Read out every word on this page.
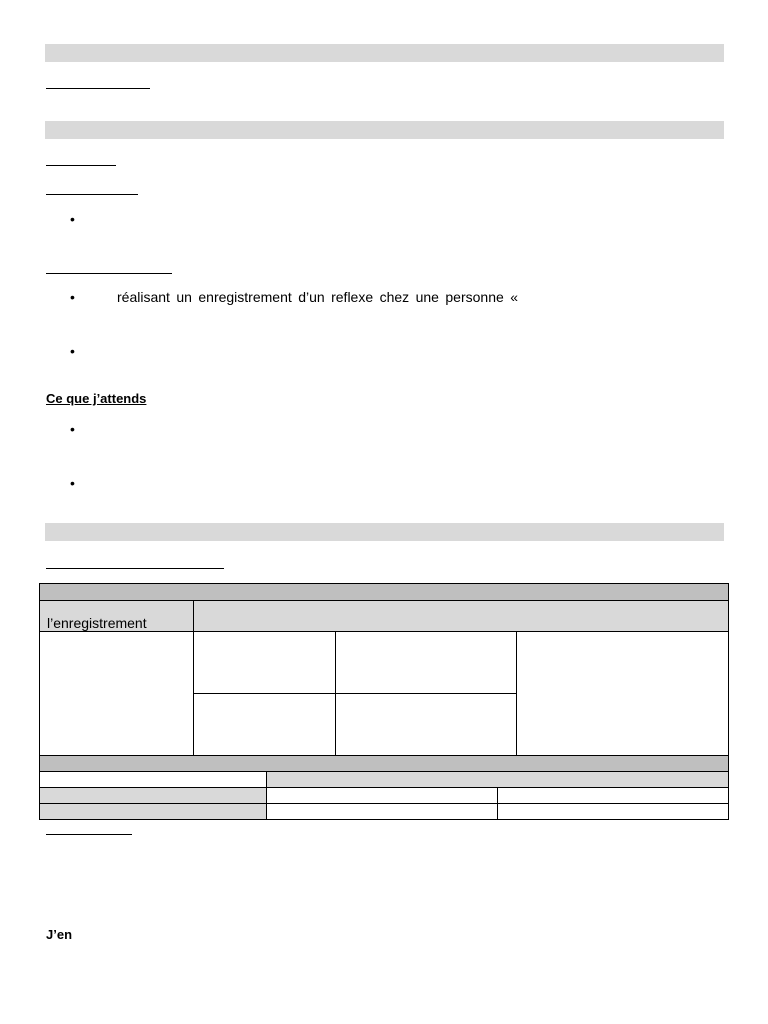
•
•	réalisant un enregistrement d’un reflexe chez une personne «
•
Ce que j’attends
•
•
l’enregistrement
J’en
